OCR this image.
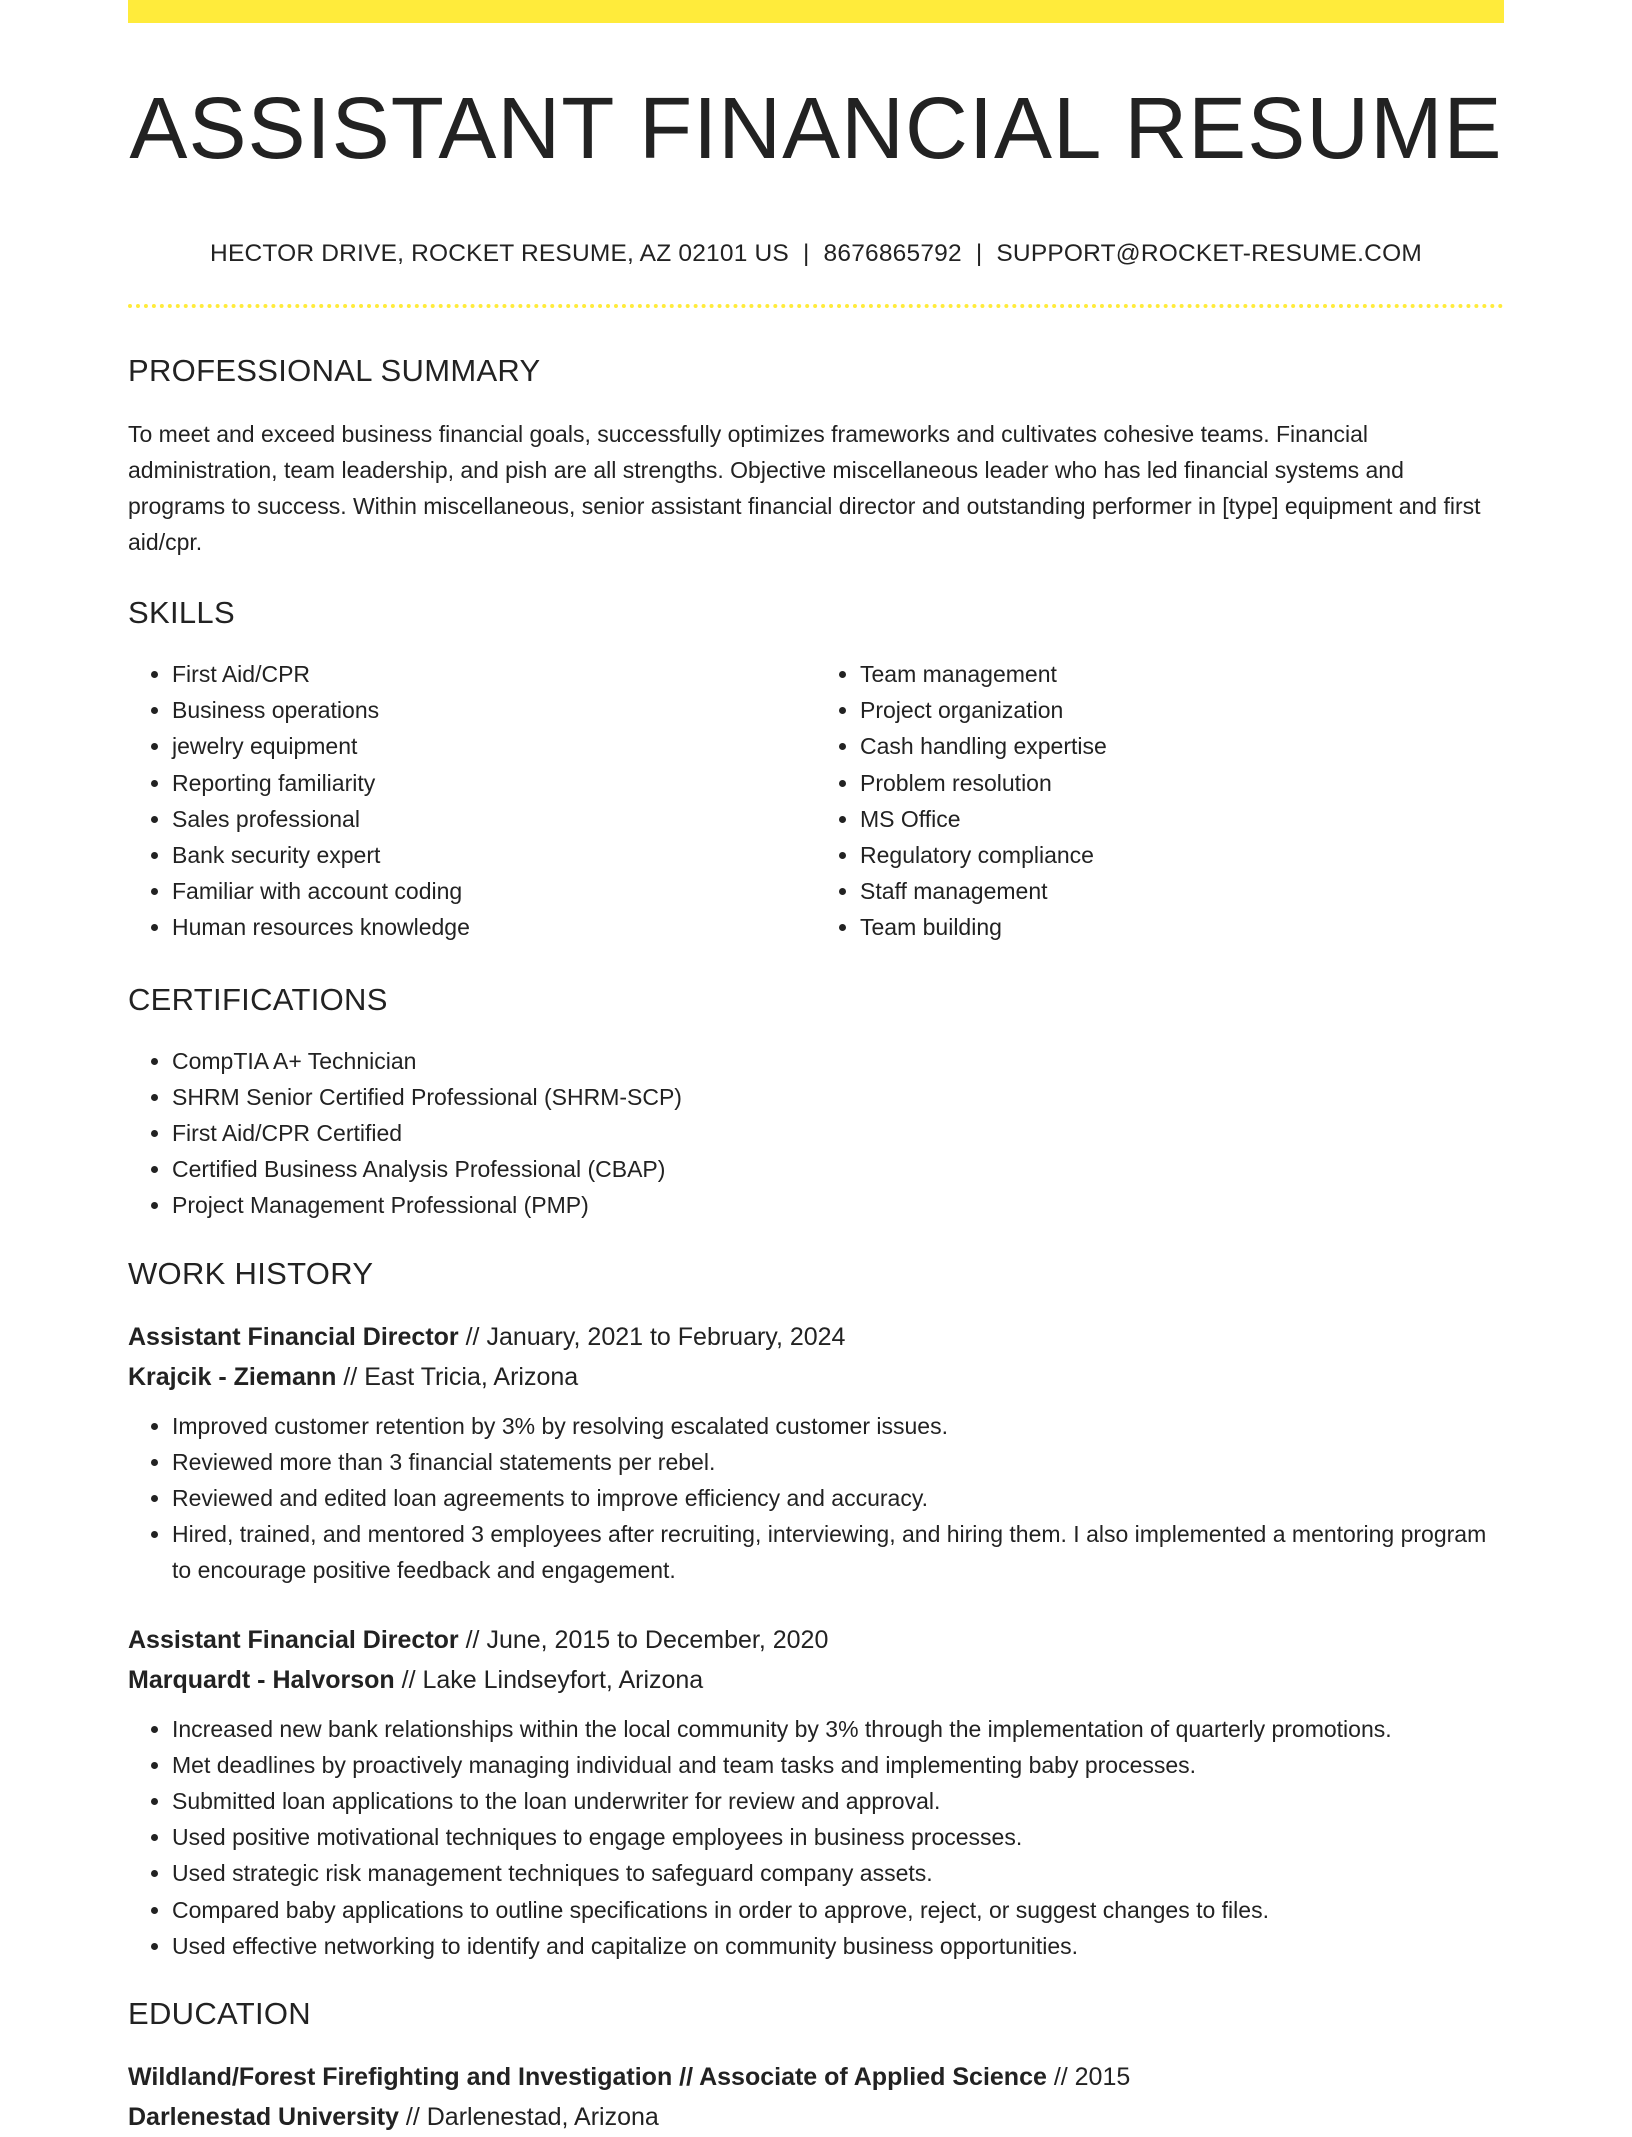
ASSISTANT FINANCIAL RESUME
HECTOR DRIVE, ROCKET RESUME, AZ 02101 US | 8676865792 | SUPPORT@ROCKET-RESUME.COM
PROFESSIONAL SUMMARY
To meet and exceed business financial goals, successfully optimizes frameworks and cultivates cohesive teams. Financial administration, team leadership, and pish are all strengths. Objective miscellaneous leader who has led financial systems and programs to success. Within miscellaneous, senior assistant financial director and outstanding performer in [type] equipment and first aid/cpr.
SKILLS
• First Aid/CPR
• Business operations
• jewelry equipment
• Reporting familiarity
• Sales professional
• Bank security expert
• Familiar with account coding
• Human resources knowledge
• Team management
• Project organization
• Cash handling expertise
• Problem resolution
• MS Office
• Regulatory compliance
• Staff management
• Team building
CERTIFICATIONS
• CompTIA A+ Technician
• SHRM Senior Certified Professional (SHRM-SCP)
• First Aid/CPR Certified
• Certified Business Analysis Professional (CBAP)
• Project Management Professional (PMP)
WORK HISTORY
Assistant Financial Director // January, 2021 to February, 2024
Krajcik - Ziemann // East Tricia, Arizona
• Improved customer retention by 3% by resolving escalated customer issues.
• Reviewed more than 3 financial statements per rebel.
• Reviewed and edited loan agreements to improve efficiency and accuracy.
• Hired, trained, and mentored 3 employees after recruiting, interviewing, and hiring them. I also implemented a mentoring program to encourage positive feedback and engagement.
Assistant Financial Director // June, 2015 to December, 2020
Marquardt - Halvorson // Lake Lindseyfort, Arizona
• Increased new bank relationships within the local community by 3% through the implementation of quarterly promotions.
• Met deadlines by proactively managing individual and team tasks and implementing baby processes.
• Submitted loan applications to the loan underwriter for review and approval.
• Used positive motivational techniques to engage employees in business processes.
• Used strategic risk management techniques to safeguard company assets.
• Compared baby applications to outline specifications in order to approve, reject, or suggest changes to files.
• Used effective networking to identify and capitalize on community business opportunities.
EDUCATION
Wildland/Forest Firefighting and Investigation // Associate of Applied Science // 2015
Darlenestad University // Darlenestad, Arizona
